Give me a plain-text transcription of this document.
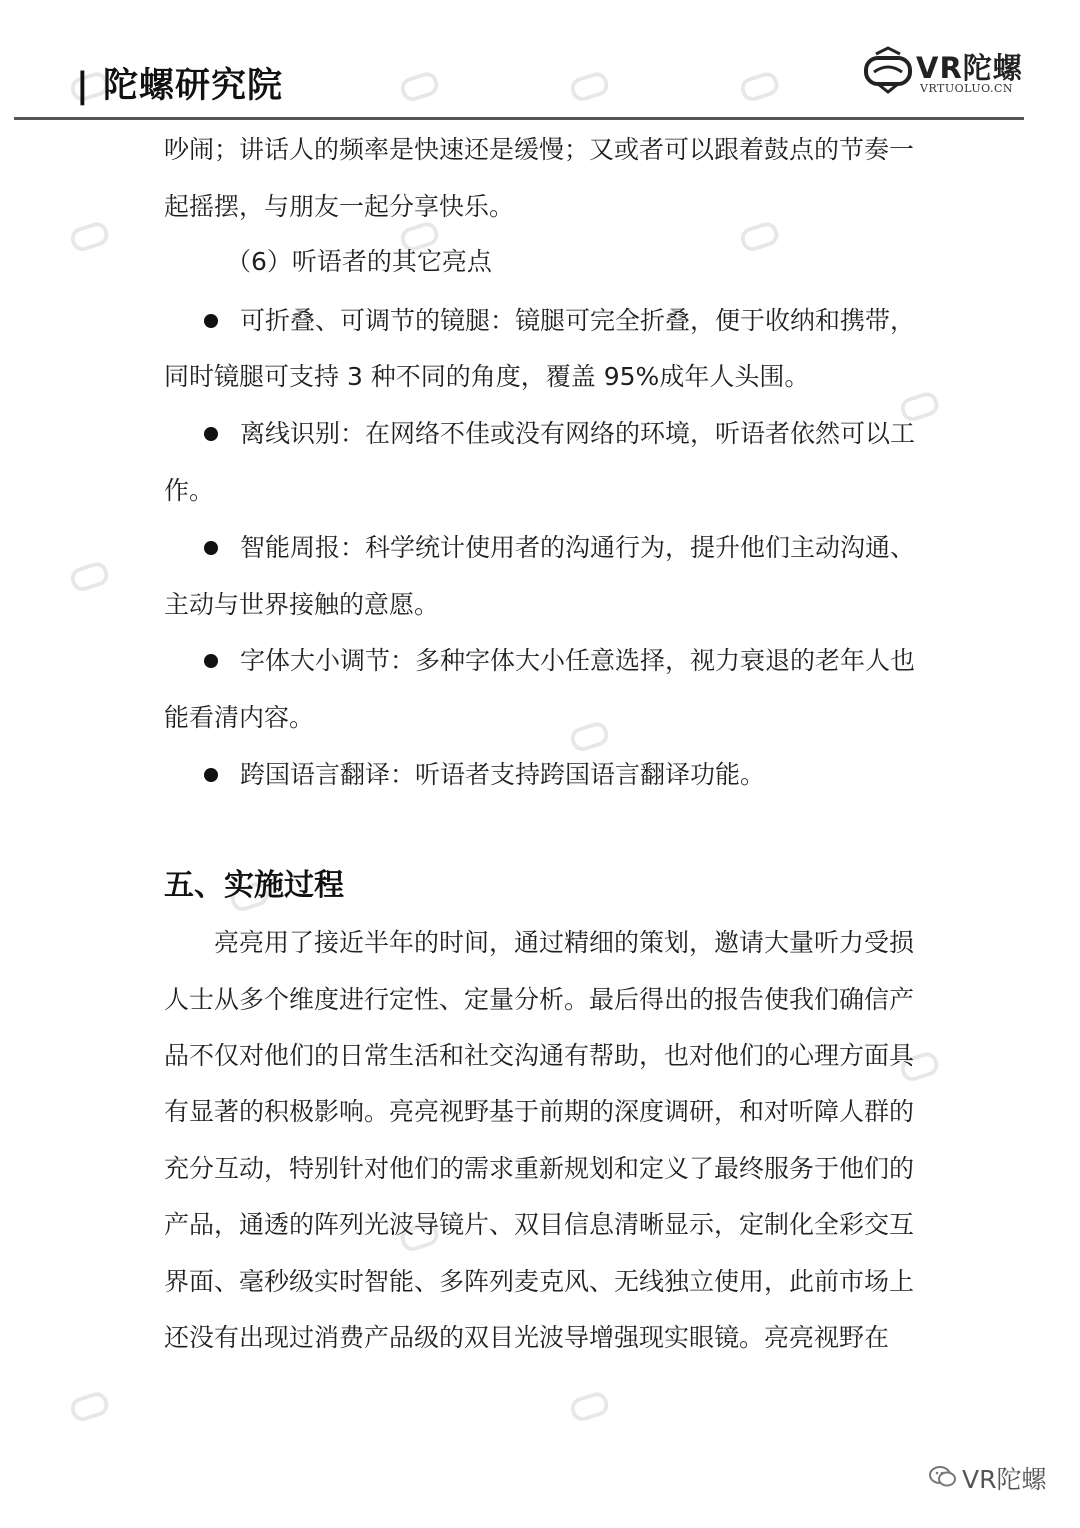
| 陀螺研究院	VR陀螺
VRTUOLUO.CN
吵闹；讲话人的频率是快速还是缓慢；又或者可以跟着鼓点的节奏一
起摇摆，与朋友一起分享快乐。
（6）听语者的其它亮点
可折叠、可调节的镜腿：镜腿可完全折叠，便于收纳和携带，
同时镜腿可支持 3 种不同的角度，覆盖 95%成年人头围。
离线识别：在网络不佳或没有网络的环境，听语者依然可以工
作。
智能周报：科学统计使用者的沟通行为，提升他们主动沟通、
主动与世界接触的意愿。
字体大小调节：多种字体大小任意选择，视力衰退的老年人也
能看清内容。
跨国语言翻译：听语者支持跨国语言翻译功能。
五、实施过程
亮亮用了接近半年的时间，通过精细的策划，邀请大量听力受损
人士从多个维度进行定性、定量分析。最后得出的报告使我们确信产
品不仅对他们的日常生活和社交沟通有帮助，也对他们的心理方面具
有显著的积极影响。亮亮视野基于前期的深度调研，和对听障人群的
充分互动，特别针对他们的需求重新规划和定义了最终服务于他们的
产品，通透的阵列光波导镜片、双目信息清晰显示，定制化全彩交互
界面、毫秒级实时智能、多阵列麦克风、无线独立使用，此前市场上
还没有出现过消费产品级的双目光波导增强现实眼镜。亮亮视野在
VR陀螺
